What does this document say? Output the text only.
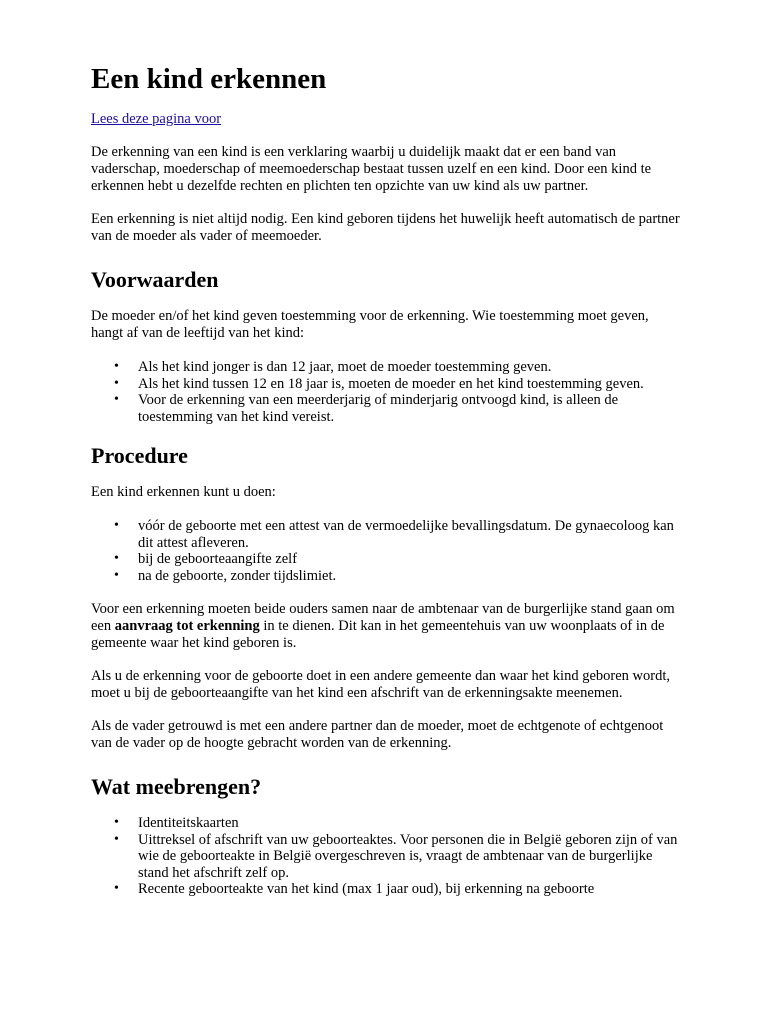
Een kind erkennen
Lees deze pagina voor

De erkenning van een kind is een verklaring waarbij u duidelijk maakt dat er een band van vaderschap, moederschap of meemoederschap bestaat tussen uzelf en een kind. Door een kind te erkennen hebt u dezelfde rechten en plichten ten opzichte van uw kind als uw partner.

Een erkenning is niet altijd nodig. Een kind geboren tijdens het huwelijk heeft automatisch de partner van de moeder als vader of meemoeder.

Voorwaarden

De moeder en/of het kind geven toestemming voor de erkenning. Wie toestemming moet geven, hangt af van de leeftijd van het kind:

• Als het kind jonger is dan 12 jaar, moet de moeder toestemming geven.
• Als het kind tussen 12 en 18 jaar is, moeten de moeder en het kind toestemming geven.
• Voor de erkenning van een meerderjarig of minderjarig ontvoogd kind, is alleen de toestemming van het kind vereist.
Procedure

Een kind erkennen kunt u doen:

• vóór de geboorte met een attest van de vermoedelijke bevallingsdatum. De gynaecoloog kan dit attest afleveren.
• bij de geboorteaangifte zelf
• na de geboorte, zonder tijdslimiet.

Voor een erkenning moeten beide ouders samen naar de ambtenaar van de burgerlijke stand gaan om een aanvraag tot erkenning in te dienen. Dit kan in het gemeentehuis van uw woonplaats of in de gemeente waar het kind geboren is.

Als u de erkenning voor de geboorte doet in een andere gemeente dan waar het kind geboren wordt, moet u bij de geboorteaangifte van het kind een afschrift van de erkenningsakte meenemen.

Als de vader getrouwd is met een andere partner dan de moeder, moet de echtgenote of echtgenoot van de vader op de hoogte gebracht worden van de erkenning.

Wat meebrengen?
• Identiteitskaarten
• Uittreksel of afschrift van uw geboorteaktes. Voor personen die in België geboren zijn of van wie de geboorteakte in België overgeschreven is, vraagt de ambtenaar van de burgerlijke stand het afschrift zelf op.
• Recente geboorteakte van het kind (max 1 jaar oud), bij erkenning na geboorte
